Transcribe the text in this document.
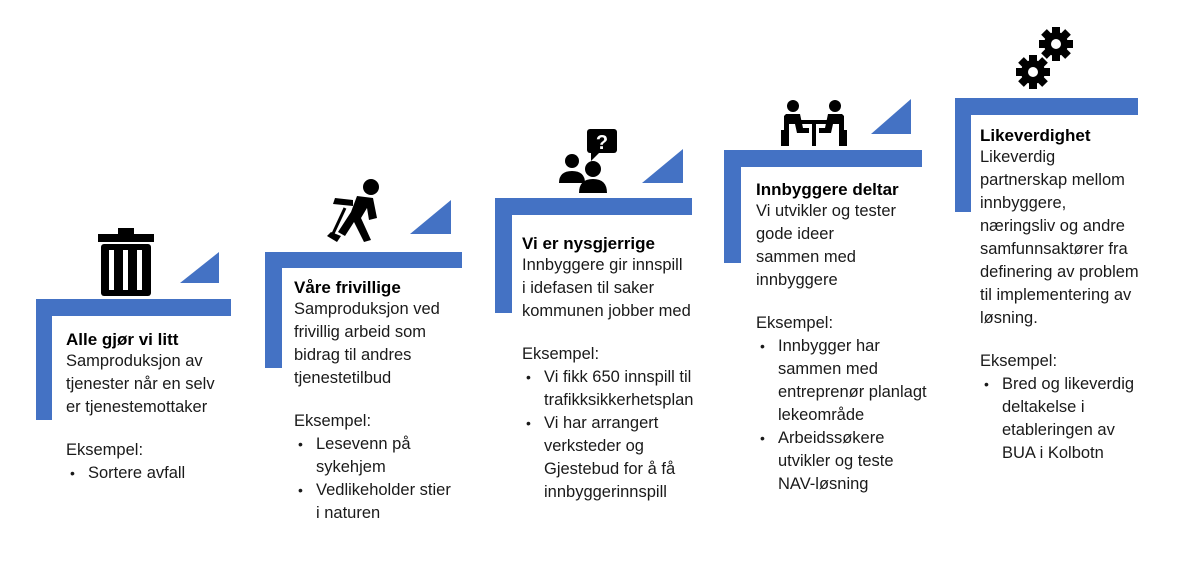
?
Alle gjør vi litt
Samproduksjon av
tjenester når en selv
er tjenestemottaker
Eksempel:
• Sortere avfall
Våre frivillige
Samproduksjon ved
frivillig arbeid som
bidrag til andres
tjenestetilbud
Eksempel:
• Lesevenn på
sykehjem
• Vedlikeholder stier
i naturen
Vi er nysgjerrige
Innbyggere gir innspill
i idefasen til saker
kommunen jobber med
Eksempel:
• Vi fikk 650 innspill til
trafikksikkerhetsplan
• Vi har arrangert
verksteder og
Gjestebud for å få
innbyggerinnspill
Innbyggere deltar
Vi utvikler og tester
gode ideer
sammen med
innbyggere
Eksempel:
• Innbygger har
sammen med
entreprenør planlagt
lekeområde
• Arbeidssøkere
utvikler og teste
NAV-løsning
Likeverdighet
Likeverdig
partnerskap mellom
innbyggere,
næringsliv og andre
samfunnsaktører fra
definering av problem
til implementering av
løsning.
Eksempel:
• Bred og likeverdig
deltakelse i
etableringen av
BUA i Kolbotn
